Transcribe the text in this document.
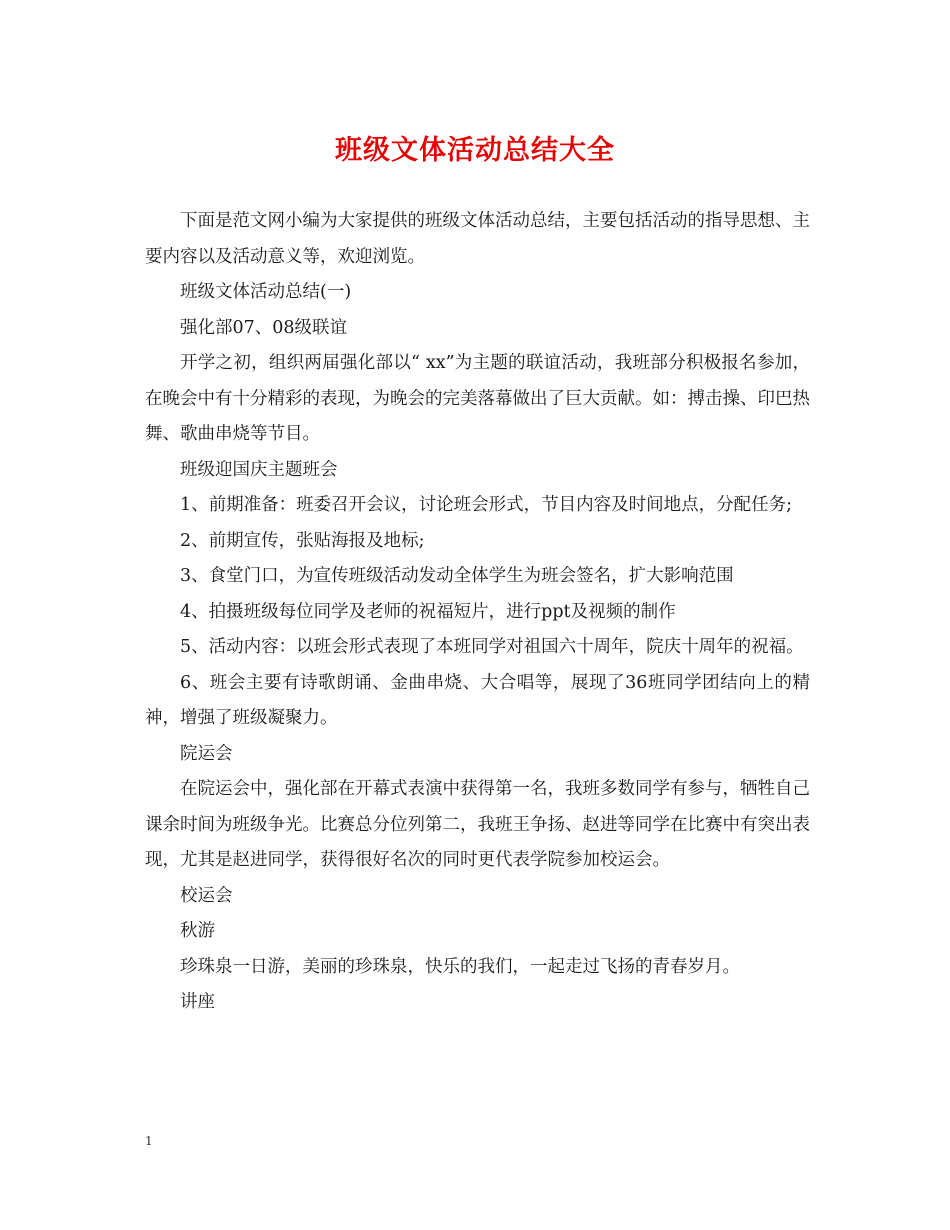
班级文体活动总结大全

下面是范文网小编为大家提供的班级文体活动总结，主要包括活动的指导思想、主要内容以及活动意义等，欢迎浏览。

班级文体活动总结(一)

强化部07、08级联谊

开学之初，组织两届强化部以“ xx”为主题的联谊活动，我班部分积极报名参加，在晚会中有十分精彩的表现，为晚会的完美落幕做出了巨大贡献。如：搏击操、印巴热舞、歌曲串烧等节目。

班级迎国庆主题班会

1、前期准备：班委召开会议，讨论班会形式，节目内容及时间地点，分配任务;

2、前期宣传，张贴海报及地标;

3、食堂门口，为宣传班级活动发动全体学生为班会签名，扩大影响范围

4、拍摄班级每位同学及老师的祝福短片，进行ppt及视频的制作

5、活动内容：以班会形式表现了本班同学对祖国六十周年，院庆十周年的祝福。

6、班会主要有诗歌朗诵、金曲串烧、大合唱等，展现了36班同学团结向上的精神，增强了班级凝聚力。

院运会

在院运会中，强化部在开幕式表演中获得第一名，我班多数同学有参与，牺牲自己课余时间为班级争光。比赛总分位列第二，我班王争扬、赵进等同学在比赛中有突出表现，尤其是赵进同学，获得很好名次的同时更代表学院参加校运会。

校运会

秋游

珍珠泉一日游，美丽的珍珠泉，快乐的我们，一起走过飞扬的青春岁月。

讲座

1
